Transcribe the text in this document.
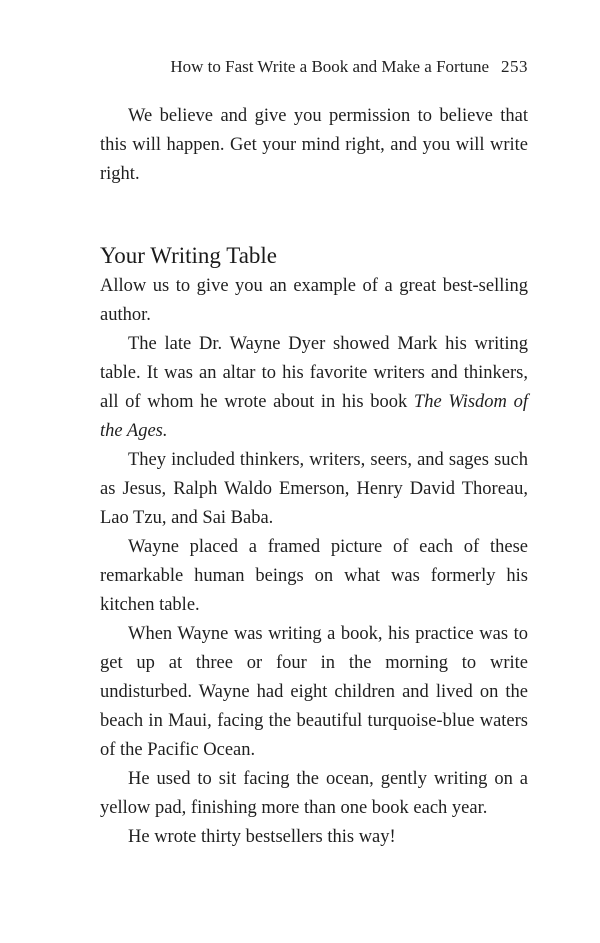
How to Fast Write a Book and Make a Fortune 253

We believe and give you permission to believe that this will happen. Get your mind right, and you will write right.

Your Writing Table

Allow us to give you an example of a great best-selling author.

The late Dr. Wayne Dyer showed Mark his writing table. It was an altar to his favorite writers and thinkers, all of whom he wrote about in his book The Wisdom of the Ages.

They included thinkers, writers, seers, and sages such as Jesus, Ralph Waldo Emerson, Henry David Thoreau, Lao Tzu, and Sai Baba.

Wayne placed a framed picture of each of these remarkable human beings on what was formerly his kitchen table.

When Wayne was writing a book, his practice was to get up at three or four in the morning to write undisturbed. Wayne had eight children and lived on the beach in Maui, facing the beautiful turquoise-blue waters of the Pacific Ocean.

He used to sit facing the ocean, gently writing on a yellow pad, finishing more than one book each year.

He wrote thirty bestsellers this way!
